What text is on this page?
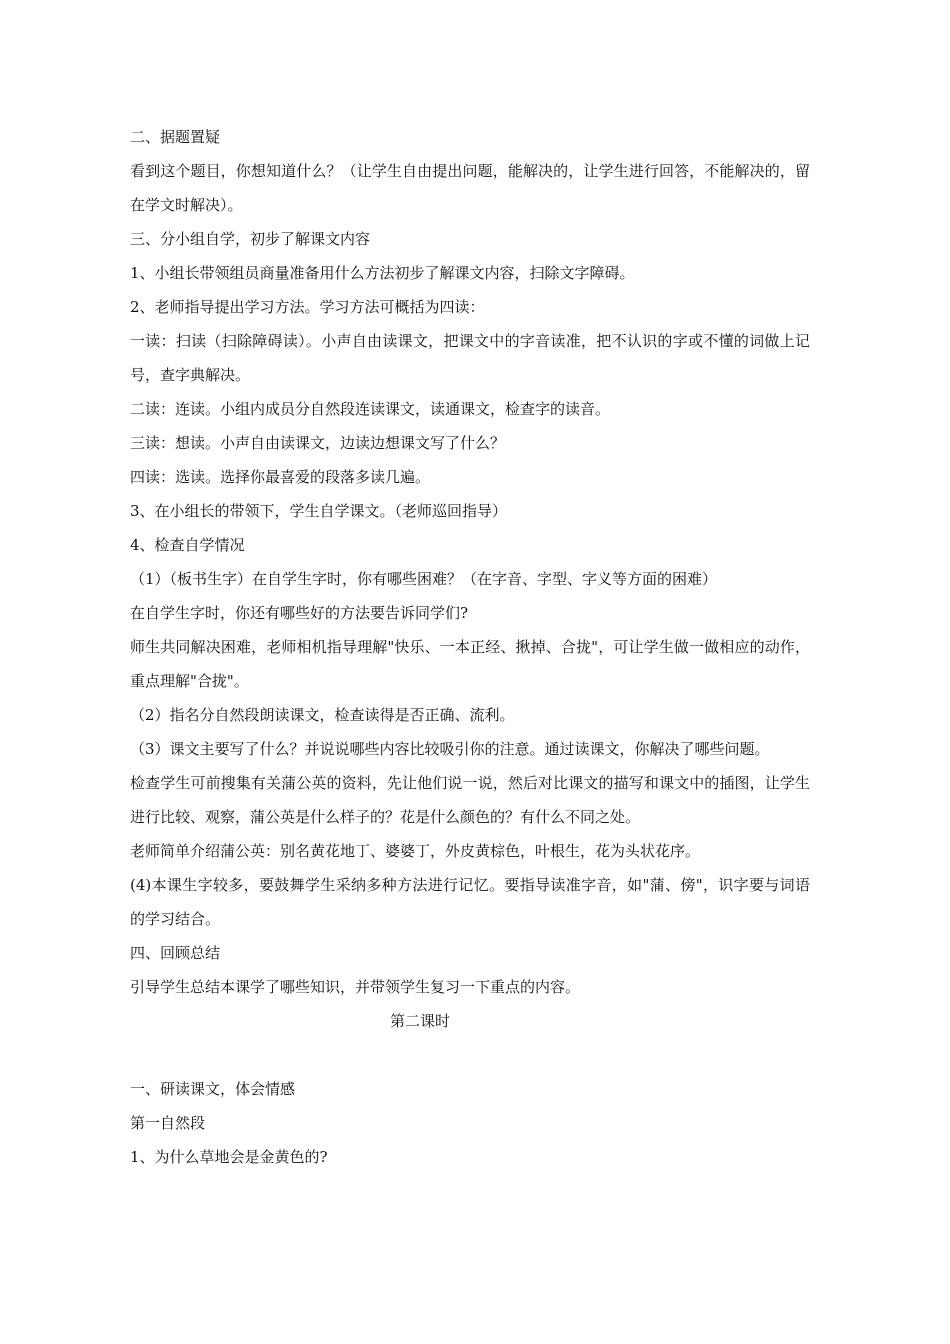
二、据题置疑

看到这个题目，你想知道什么？（让学生自由提出问题，能解决的，让学生进行回答，不能解决的，留在学文时解决）。

三、分小组自学，初步了解课文内容

1、小组长带领组员商量准备用什么方法初步了解课文内容，扫除文字障碍。

2、老师指导提出学习方法。学习方法可概括为四读：

一读：扫读（扫除障碍读）。小声自由读课文，把课文中的字音读准，把不认识的字或不懂的词做上记号，查字典解决。

二读：连读。小组内成员分自然段连读课文，读通课文，检查字的读音。

三读：想读。小声自由读课文，边读边想课文写了什么？

四读：选读。选择你最喜爱的段落多读几遍。

3、在小组长的带领下，学生自学课文。（老师巡回指导）

4、检查自学情况

（1）（板书生字）在自学生字时，你有哪些困难？（在字音、字型、字义等方面的困难）

在自学生字时，你还有哪些好的方法要告诉同学们?

师生共同解决困难，老师相机指导理解"快乐、一本正经、揪掉、合拢"，可让学生做一做相应的动作，重点理解"合拢"。

（2）指名分自然段朗读课文，检查读得是否正确、流利。

（3）课文主要写了什么？并说说哪些内容比较吸引你的注意。通过读课文，你解决了哪些问题。

检查学生可前搜集有关蒲公英的资料，先让他们说一说，然后对比课文的描写和课文中的插图，让学生进行比较、观察，蒲公英是什么样子的？花是什么颜色的？有什么不同之处。

老师简单介绍蒲公英：别名黄花地丁、婆婆丁，外皮黄棕色，叶根生，花为头状花序。

(4)本课生字较多，要鼓舞学生采纳多种方法进行记忆。要指导读准字音，如"蒲、傍"，识字要与词语的学习结合。

四、回顾总结

引导学生总结本课学了哪些知识，并带领学生复习一下重点的内容。

第二课时

一、研读课文，体会情感

第一自然段

1、为什么草地会是金黄色的?
